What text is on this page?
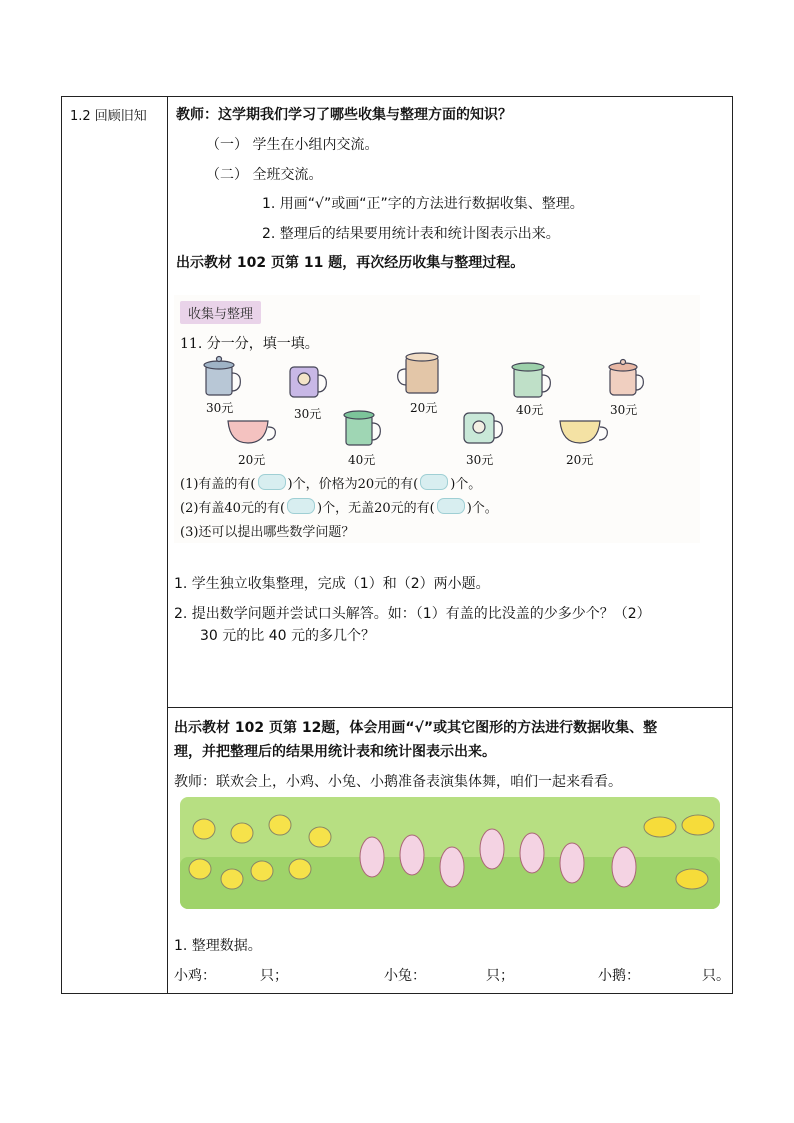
1.2 回顾旧知 教师：这学期我们学习了哪些收集与整理方面的知识？
（一） 学生在小组内交流。
（二） 全班交流。
1. 用画“√”或画“正”字的方法进行数据收集、整理。
2. 整理后的结果要用统计表和统计图表示出来。
出示教材 102 页第 11 题，再次经历收集与整理过程。
收集与整理
11. 分一分，填一填。
30元	30元	20元	40元	30元
20元	40元	30元	20元
(1)有盖的有( )个，价格为20元的有( )个。
(2)有盖40元的有( )个，无盖20元的有( )个。
(3)还可以提出哪些数学问题？
1. 学生独立收集整理，完成（1）和（2）两小题。
2. 提出数学问题并尝试口头解答。如：（1）有盖的比没盖的少多少个？（2）
30 元的比 40 元的多几个？
出示教材 102 页第 12题，体会用画“√”或其它图形的方法进行数据收集、整
理，并把整理后的结果用统计表和统计图表示出来。
教师：联欢会上，小鸡、小兔、小鹅准备表演集体舞，咱们一起来看看。
1. 整理数据。
小鸡：	只；	小兔：	只；	小鹅：	只。
